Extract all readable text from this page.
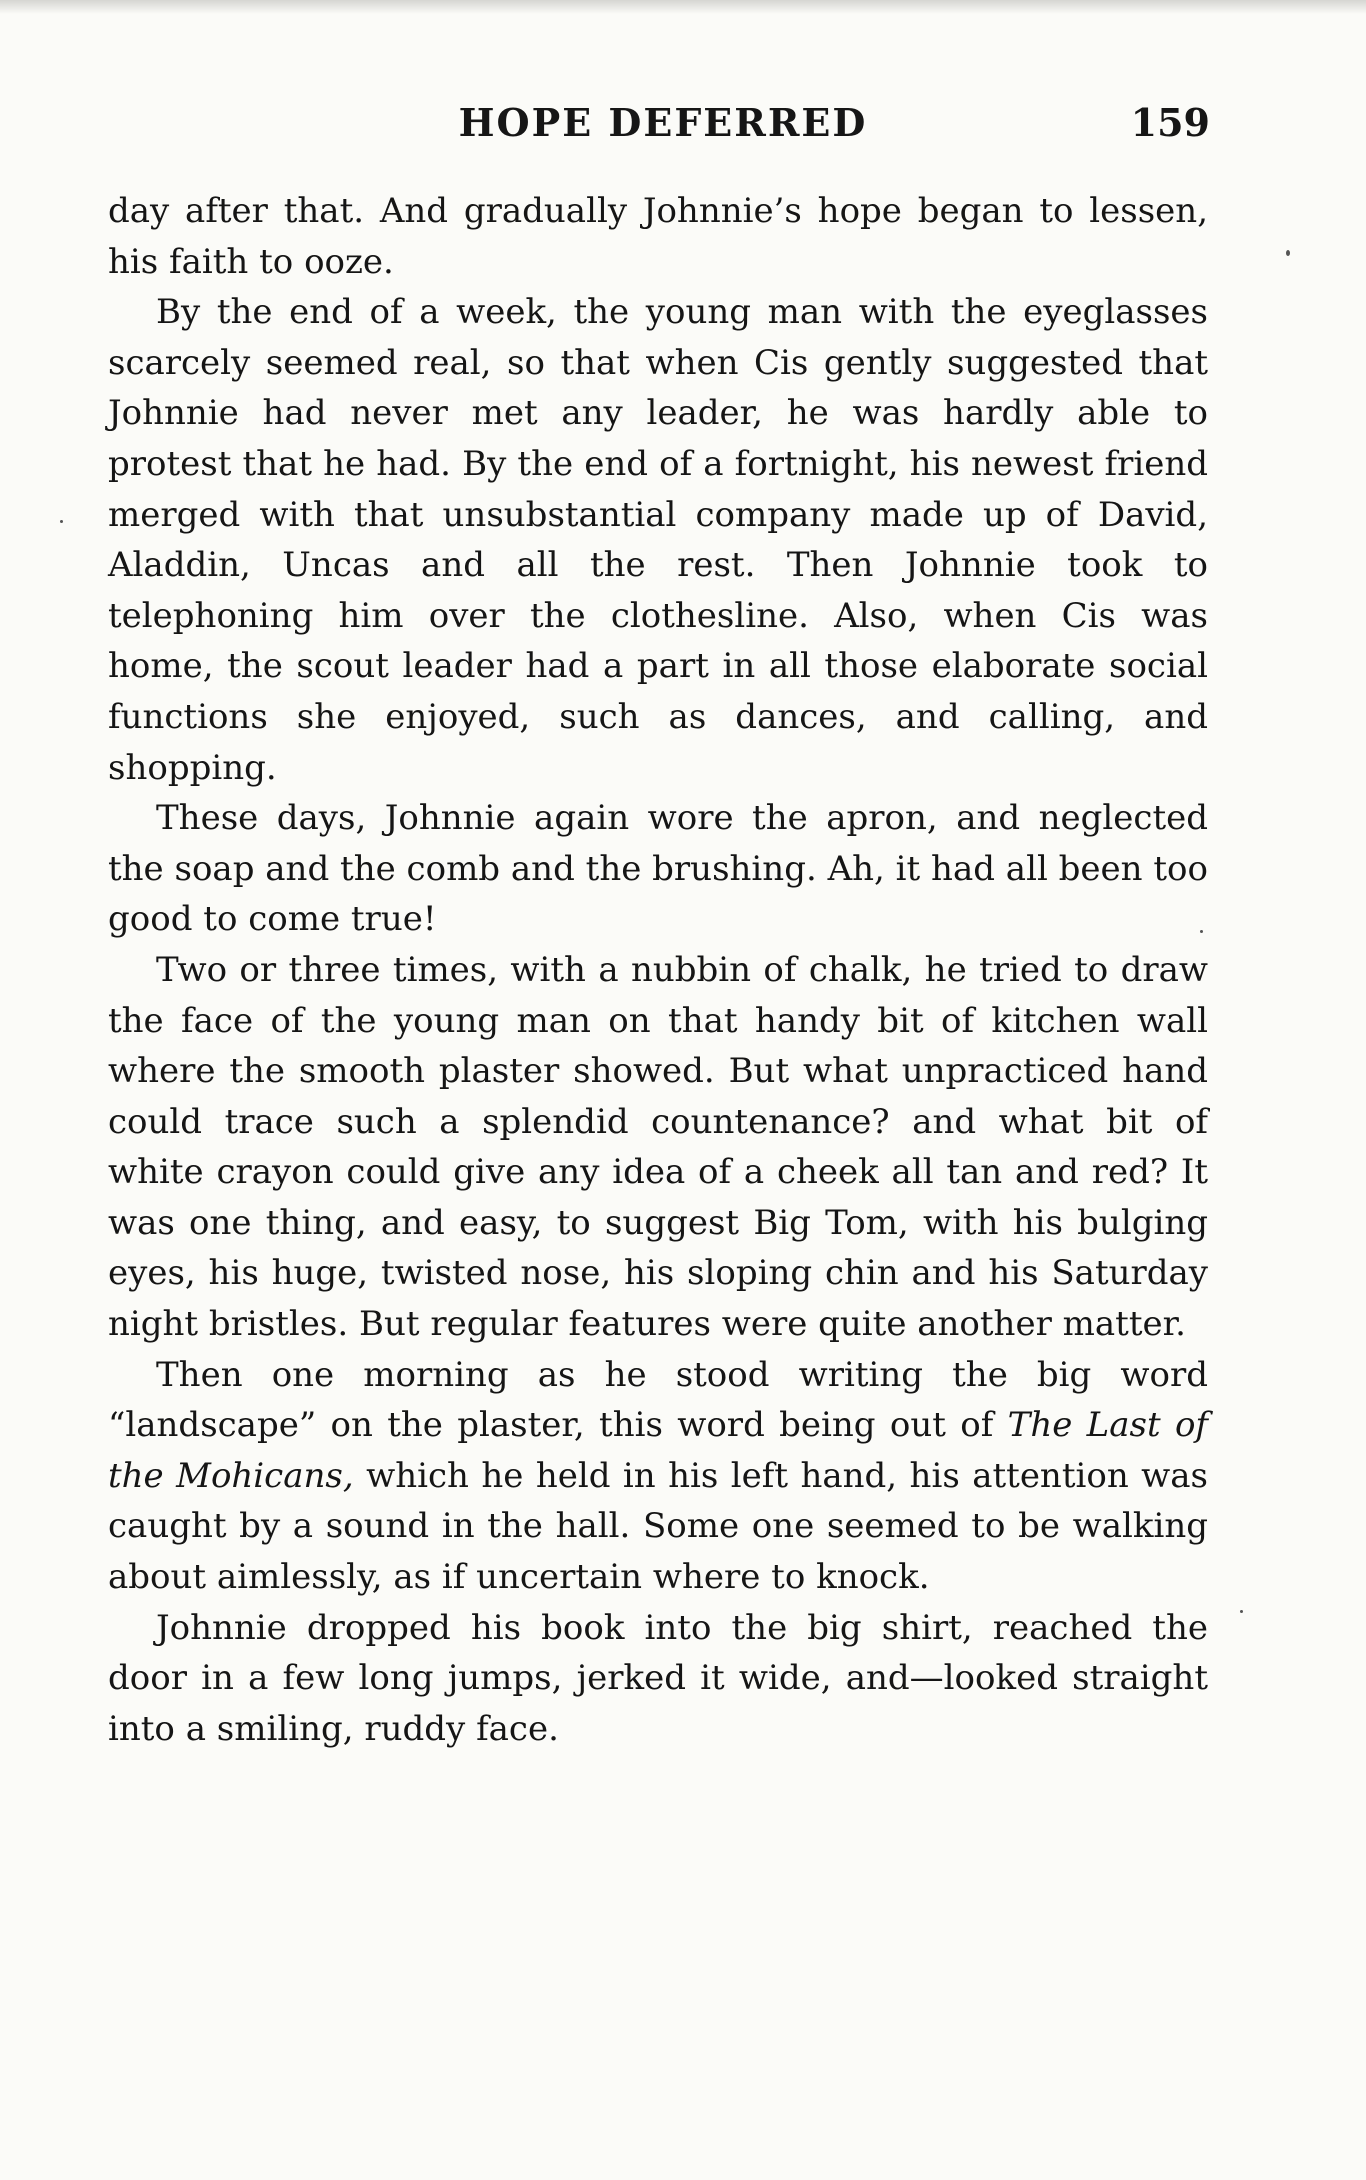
HOPE DEFERRED	159

day after that. And gradually Johnnie’s hope began to lessen, his faith to ooze.

By the end of a week, the young man with the eyeglasses scarcely seemed real, so that when Cis gently suggested that Johnnie had never met any leader, he was hardly able to protest that he had. By the end of a fortnight, his newest friend merged with that unsubstantial company made up of David, Aladdin, Uncas and all the rest. Then Johnnie took to telephoning him over the clothesline. Also, when Cis was home, the scout leader had a part in all those elaborate social functions she enjoyed, such as dances, and calling, and shopping.

These days, Johnnie again wore the apron, and neglected the soap and the comb and the brushing. Ah, it had all been too good to come true!

Two or three times, with a nubbin of chalk, he tried to draw the face of the young man on that handy bit of kitchen wall where the smooth plaster showed. But what unpracticed hand could trace such a splendid countenance? and what bit of white crayon could give any idea of a cheek all tan and red? It was one thing, and easy, to suggest Big Tom, with his bulging eyes, his huge, twisted nose, his sloping chin and his Saturday night bristles. But regular features were quite another matter.

Then one morning as he stood writing the big word “landscape” on the plaster, this word being out of The Last of the Mohicans, which he held in his left hand, his attention was caught by a sound in the hall. Some one seemed to be walking about aimlessly, as if uncertain where to knock.

Johnnie dropped his book into the big shirt, reached the door in a few long jumps, jerked it wide, and—looked straight into a smiling, ruddy face.
